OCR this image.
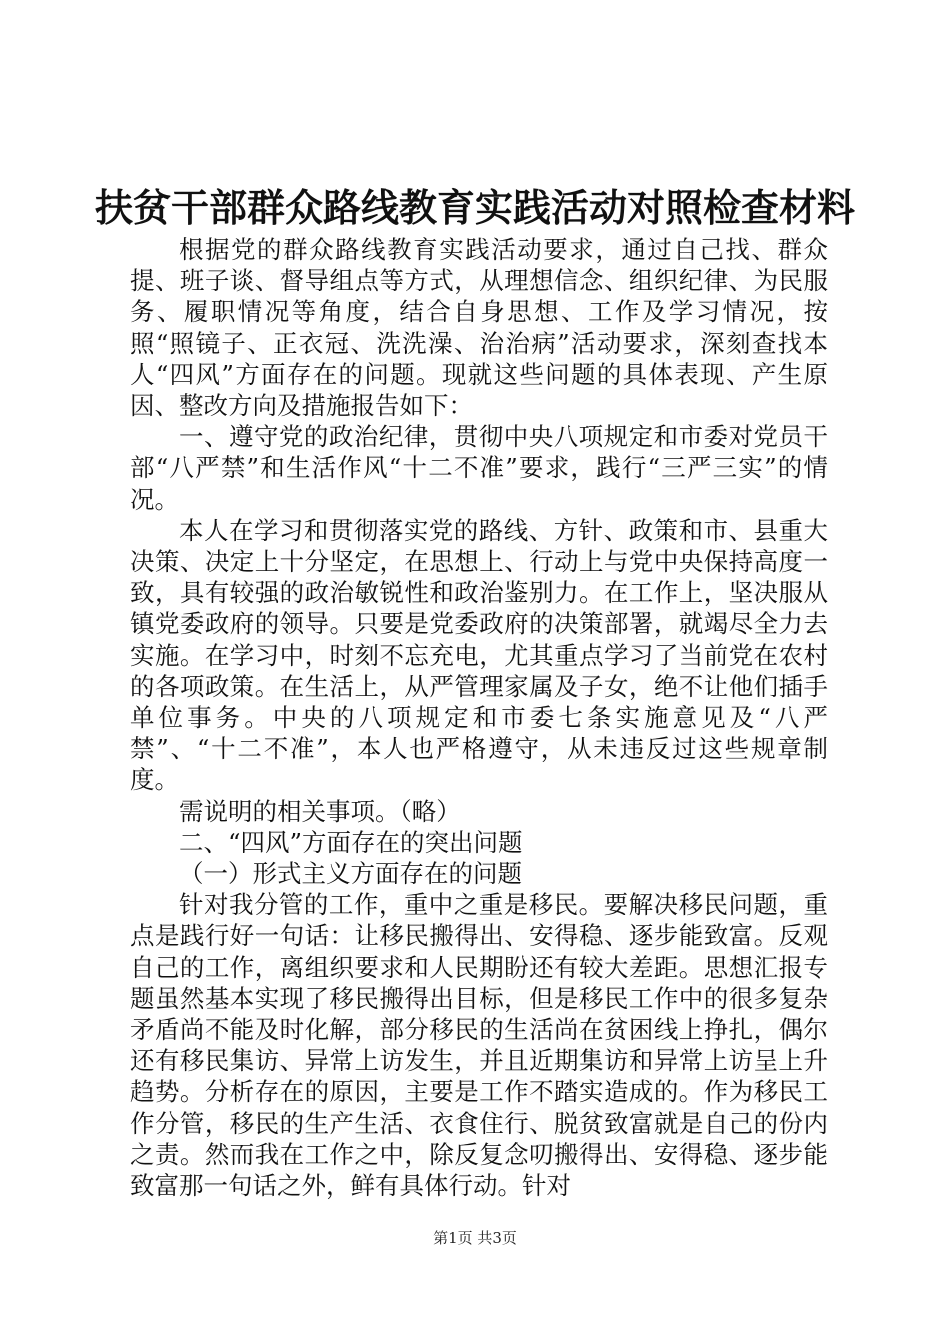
扶贫干部群众路线教育实践活动对照检查材料

根据党的群众路线教育实践活动要求，通过自己找、群众提、班子谈、督导组点等方式，从理想信念、组织纪律、为民服务、履职情况等角度，结合自身思想、工作及学习情况，按照“照镜子、正衣冠、洗洗澡、治治病”活动要求，深刻查找本人“四风”方面存在的问题。现就这些问题的具体表现、产生原因、整改方向及措施报告如下：

一、遵守党的政治纪律，贯彻中央八项规定和市委对党员干部“八严禁”和生活作风“十二不准”要求，践行“三严三实”的情况。

本人在学习和贯彻落实党的路线、方针、政策和市、县重大决策、决定上十分坚定，在思想上、行动上与党中央保持高度一致，具有较强的政治敏锐性和政治鉴别力。在工作上，坚决服从镇党委政府的领导。只要是党委政府的决策部署，就竭尽全力去实施。在学习中，时刻不忘充电，尤其重点学习了当前党在农村的各项政策。在生活上，从严管理家属及子女，绝不让他们插手单位事务。中央的八项规定和市委七条实施意见及“八严禁”、“十二不准”，本人也严格遵守，从未违反过这些规章制度。

需说明的相关事项。（略）

二、“四风”方面存在的突出问题

（一）形式主义方面存在的问题

针对我分管的工作，重中之重是移民。要解决移民问题，重点是践行好一句话：让移民搬得出、安得稳、逐步能致富。反观自己的工作，离组织要求和人民期盼还有较大差距。思想汇报专题虽然基本实现了移民搬得出目标，但是移民工作中的很多复杂矛盾尚不能及时化解，部分移民的生活尚在贫困线上挣扎，偶尔还有移民集访、异常上访发生，并且近期集访和异常上访呈上升趋势。分析存在的原因，主要是工作不踏实造成的。作为移民工作分管，移民的生产生活、衣食住行、脱贫致富就是自己的份内之责。然而我在工作之中，除反复念叨搬得出、安得稳、逐步能致富那一句话之外，鲜有具体行动。针对

第1页 共3页
